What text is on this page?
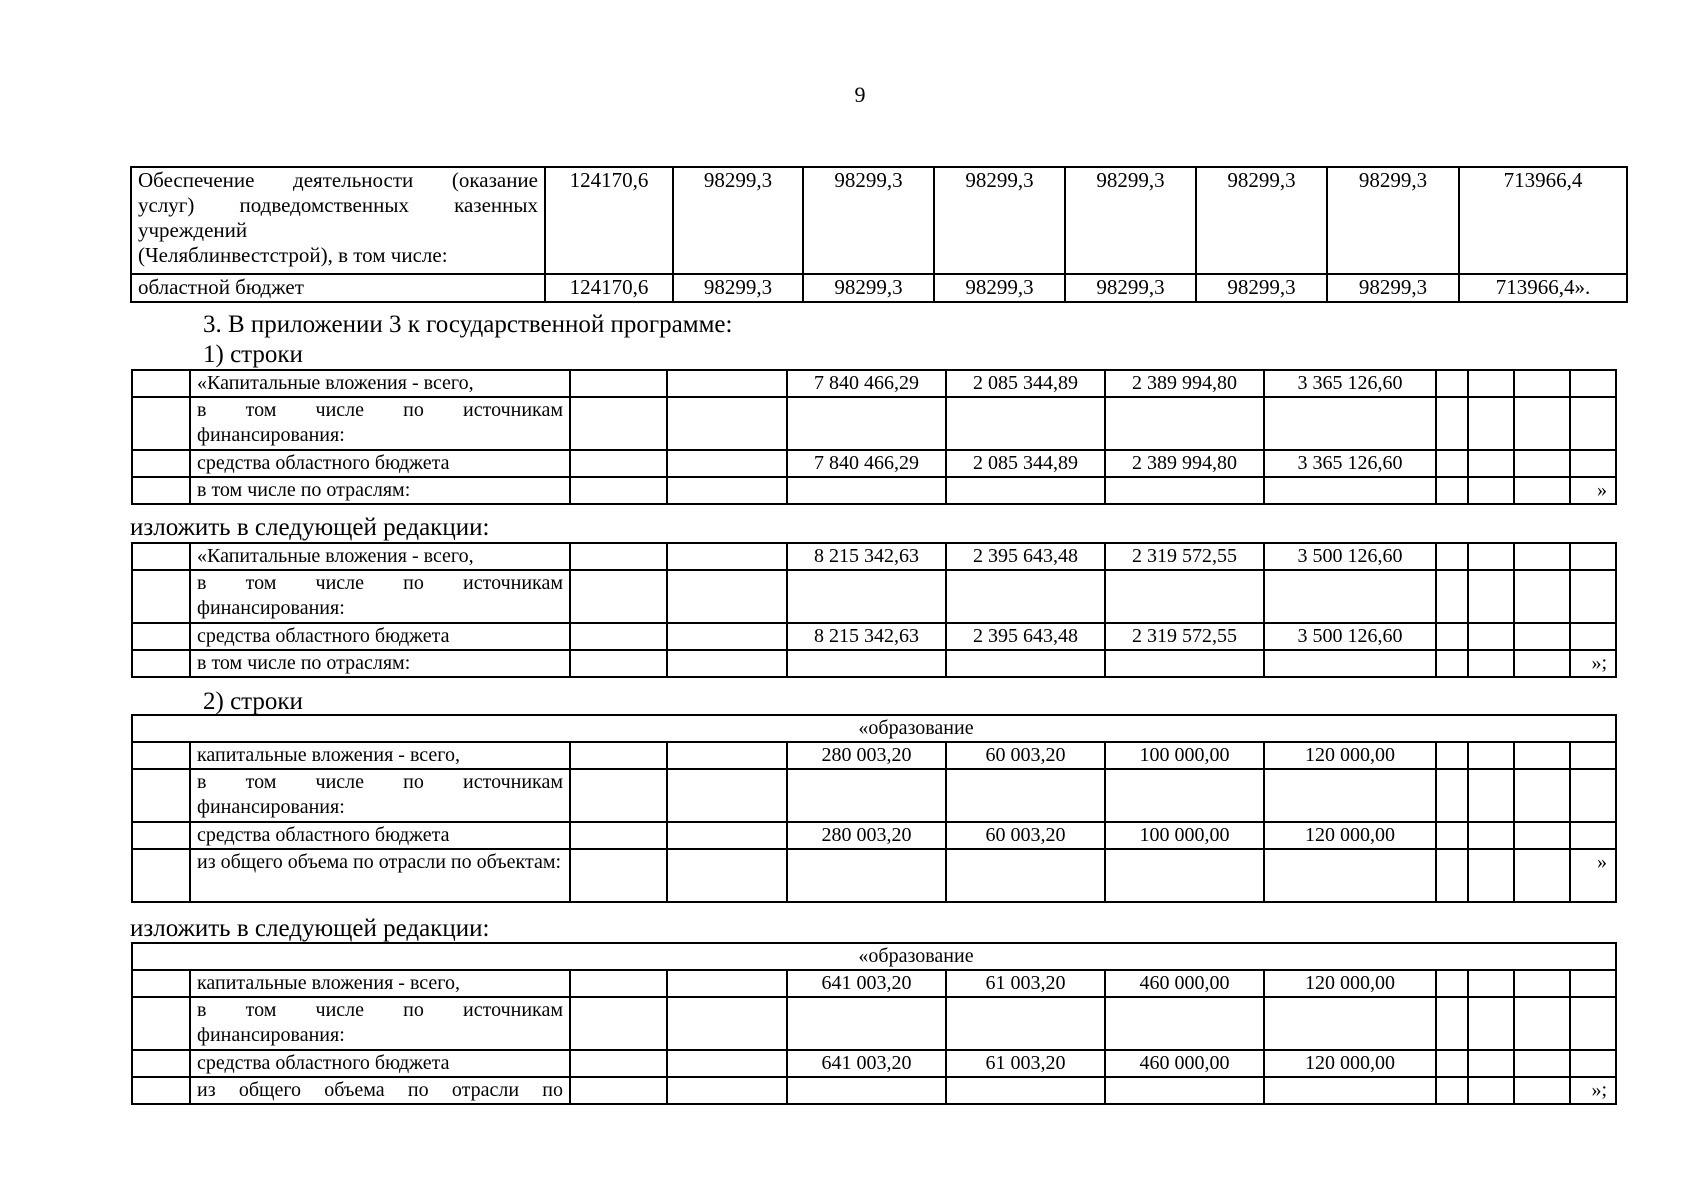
9
Обеспечение деятельности (оказание
услуг) подведомственных казенных
учреждений
(Челяблинвестстрой), в том числе:	124170,6	98299,3	98299,3	98299,3	98299,3	98299,3	98299,3	713966,4
областной бюджет	124170,6	98299,3	98299,3	98299,3	98299,3	98299,3	98299,3	713966,4».
3. В приложении 3 к государственной программе:
1) строки
	«Капитальные вложения - всего,			7 840 466,29	2 085 344,89	2 389 994,80	3 365 126,60				
	в том числе по источникам финансирования:										
	средства областного бюджета			7 840 466,29	2 085 344,89	2 389 994,80	3 365 126,60				
	в том числе по отраслям:										»
изложить в следующей редакции:
	«Капитальные вложения - всего,			8 215 342,63	2 395 643,48	2 319 572,55	3 500 126,60				
	в том числе по источникам финансирования:										
	средства областного бюджета			8 215 342,63	2 395 643,48	2 319 572,55	3 500 126,60				
	в том числе по отраслям:										»;
2) строки
«образование											
	капитальные вложения - всего,			280 003,20	60 003,20	100 000,00	120 000,00				
	в том числе по источникам финансирования:										
	средства областного бюджета			280 003,20	60 003,20	100 000,00	120 000,00				
	из общего объема по отрасли по объектам:										»
изложить в следующей редакции:
«образование											
	капитальные вложения - всего,			641 003,20	61 003,20	460 000,00	120 000,00				
	в том числе по источникам финансирования:										
	средства областного бюджета			641 003,20	61 003,20	460 000,00	120 000,00				
	из общего объема по отрасли по										»;
